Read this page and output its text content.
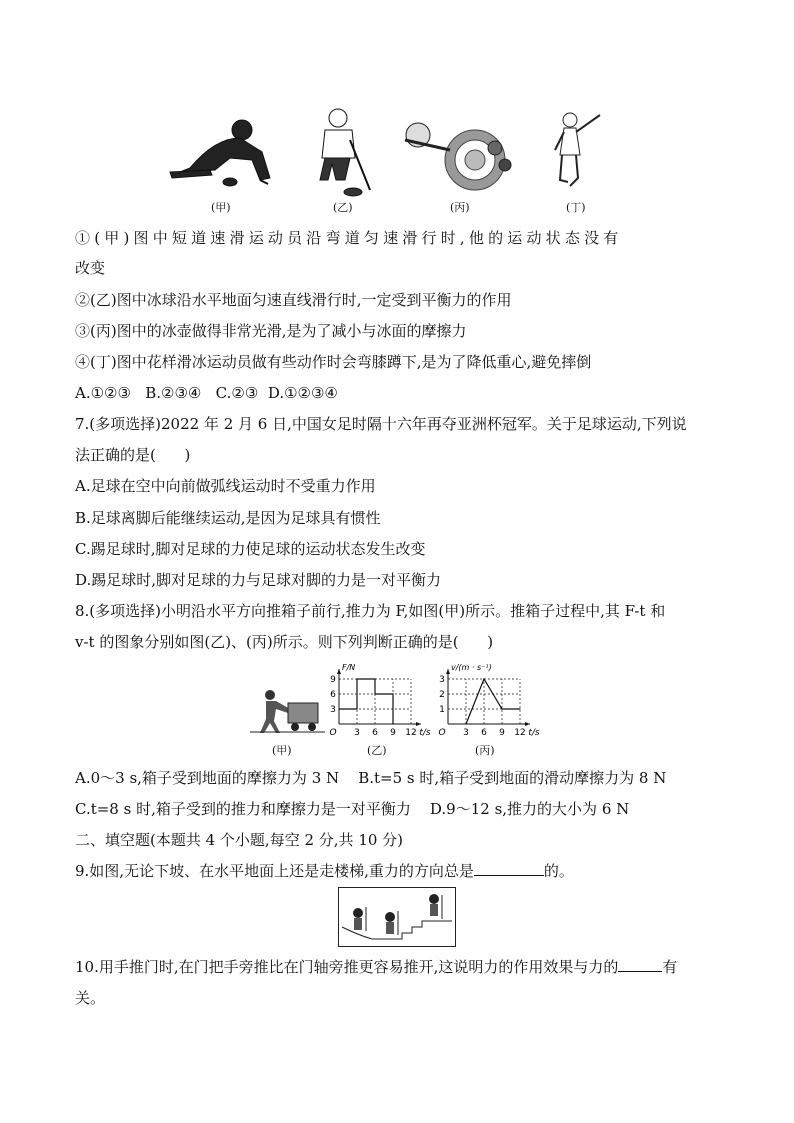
(甲)	(乙)	(丙)	(丁)
①(甲)图中短道速滑运动员沿弯道匀速滑行时,他的运动状态没有
改变
②(乙)图中冰球沿水平地面匀速直线滑行时,一定受到平衡力的作用
③(丙)图中的冰壶做得非常光滑,是为了减小与冰面的摩擦力
④(丁)图中花样滑冰运动员做有些动作时会弯膝蹲下,是为了降低重心,避免摔倒
A.①②③   B.②③④   C.②③  D.①②③④
7.(多项选择)2022 年 2 月 6 日,中国女足时隔十六年再夺亚洲杯冠军。关于足球运动,下列说
法正确的是(      )
A.足球在空中向前做弧线运动时不受重力作用
B.足球离脚后能继续运动,是因为足球具有惯性
C.踢足球时,脚对足球的力使足球的运动状态发生改变
D.踢足球时,脚对足球的力与足球对脚的力是一对平衡力
8.(多项选择)小明沿水平方向推箱子前行,推力为 F,如图(甲)所示。推箱子过程中,其 F-t 和
v-t 的图象分别如图(乙)、(丙)所示。则下列判断正确的是(      )
(甲)
O	t/s
F/N
3 6 9 12
3
6
9
(乙)
O	t/s
v/(m · s⁻¹)
3 6 9 12
1
2
3
(丙)
A.0～3 s,箱子受到地面的摩擦力为 3 N    B.t=5 s 时,箱子受到地面的滑动摩擦力为 8 N
C.t=8 s 时,箱子受到的推力和摩擦力是一对平衡力    D.9～12 s,推力的大小为 6 N
二、填空题(本题共 4 个小题,每空 2 分,共 10 分)
9.如图,无论下坡、在水平地面上还是走楼梯,重力的方向总是	的。
10.用手推门时,在门把手旁推比在门轴旁推更容易推开,这说明力的作用效果与力的	有
关。
